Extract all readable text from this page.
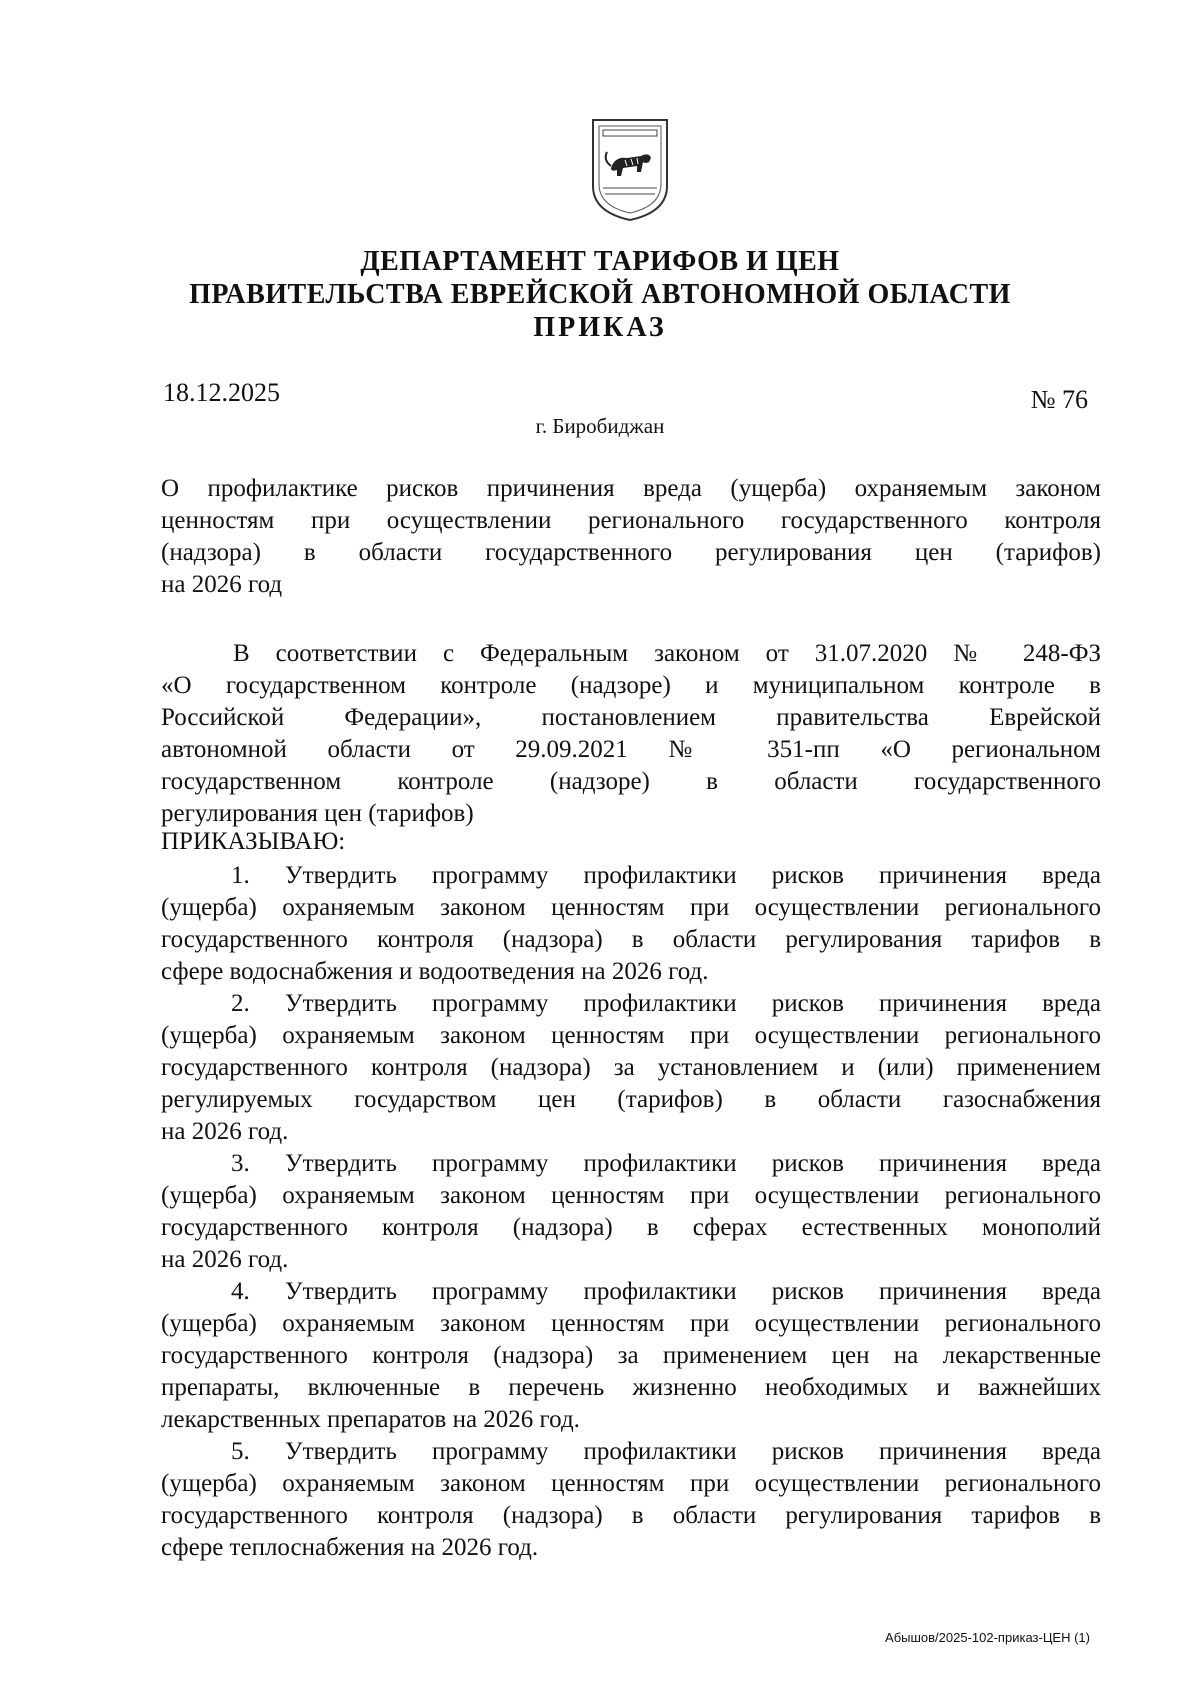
ДЕПАРТАМЕНТ ТАРИФОВ И ЦЕН
ПРАВИТЕЛЬСТВА ЕВРЕЙСКОЙ АВТОНОМНОЙ ОБЛАСТИ
ПРИКАЗ
18.12.2025	№ 76
г. Биробиджан
О профилактике рисков причинения вреда (ущерба) охраняемым законом
ценностям при осуществлении регионального государственного контроля
(надзора) в области государственного регулирования цен (тарифов)
на 2026 год
В соответствии с Федеральным законом от 31.07.2020 № 248-ФЗ
«О государственном контроле (надзоре) и муниципальном контроле в
Российской Федерации», постановлением правительства Еврейской
автономной области от 29.09.2021 № 351-пп «О региональном
государственном контроле (надзоре) в области государственного
регулирования цен (тарифов)
ПРИКАЗЫВАЮ:
1. Утвердить программу профилактики рисков причинения вреда
(ущерба) охраняемым законом ценностям при осуществлении регионального
государственного контроля (надзора) в области регулирования тарифов в
сфере водоснабжения и водоотведения на 2026 год.
2. Утвердить программу профилактики рисков причинения вреда
(ущерба) охраняемым законом ценностям при осуществлении регионального
государственного контроля (надзора) за установлением и (или) применением
регулируемых государством цен (тарифов) в области газоснабжения
на 2026 год.
3. Утвердить программу профилактики рисков причинения вреда
(ущерба) охраняемым законом ценностям при осуществлении регионального
государственного контроля (надзора) в сферах естественных монополий
на 2026 год.
4. Утвердить программу профилактики рисков причинения вреда
(ущерба) охраняемым законом ценностям при осуществлении регионального
государственного контроля (надзора) за применением цен на лекарственные
препараты, включенные в перечень жизненно необходимых и важнейших
лекарственных препаратов на 2026 год.
5. Утвердить программу профилактики рисков причинения вреда
(ущерба) охраняемым законом ценностям при осуществлении регионального
государственного контроля (надзора) в области регулирования тарифов в
сфере теплоснабжения на 2026 год.
Абышов/2025-102-приказ-ЦЕН (1)
